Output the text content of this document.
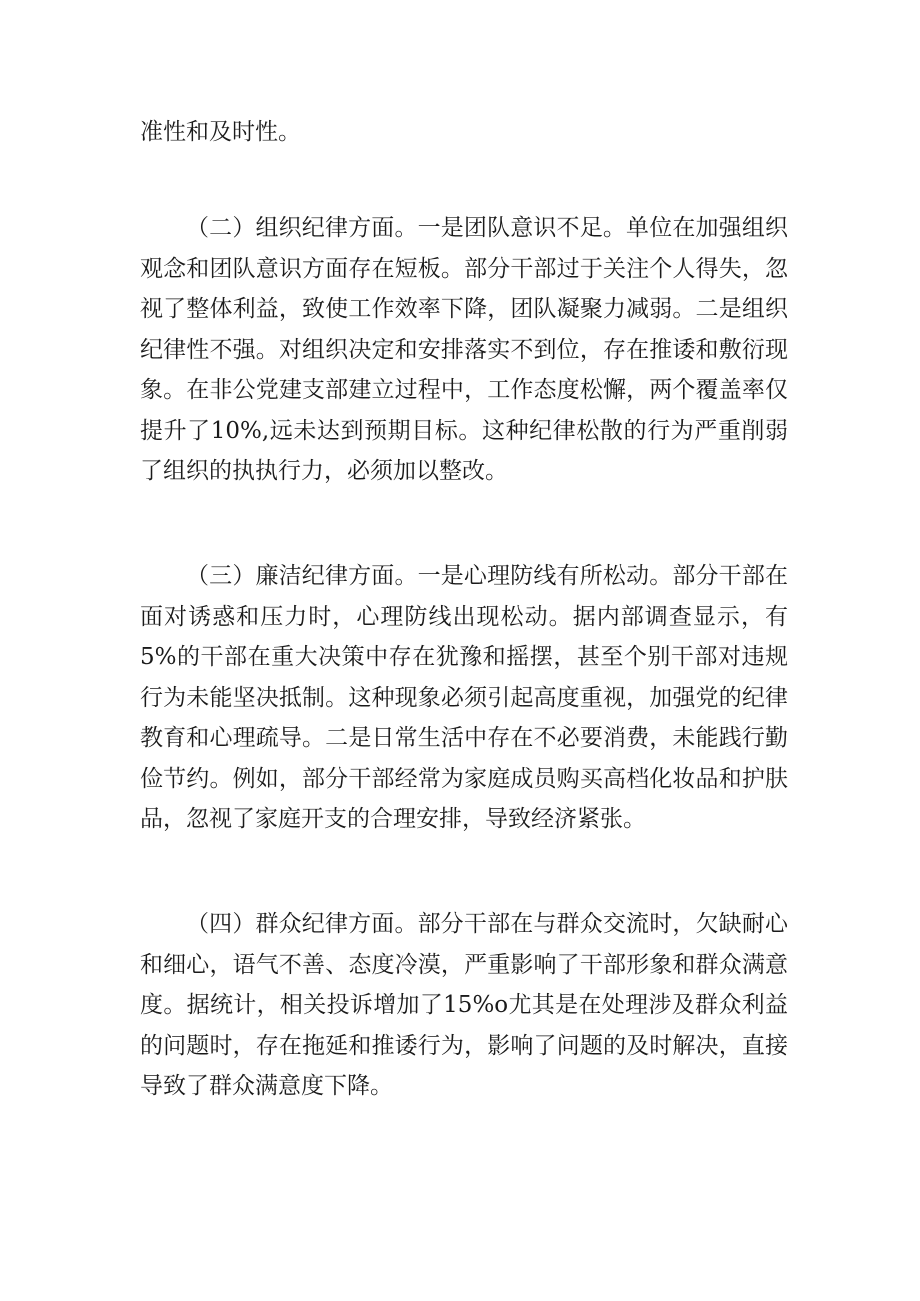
准性和及时性。

（二）组织纪律方面。一是团队意识不足。单位在加强组织观念和团队意识方面存在短板。部分干部过于关注个人得失，忽视了整体利益，致使工作效率下降，团队凝聚力减弱。二是组织纪律性不强。对组织决定和安排落实不到位，存在推诿和敷衍现象。在非公党建支部建立过程中，工作态度松懈，两个覆盖率仅提升了10%,远未达到预期目标。这种纪律松散的行为严重削弱了组织的执执行力，必须加以整改。

（三）廉洁纪律方面。一是心理防线有所松动。部分干部在面对诱惑和压力时，心理防线出现松动。据内部调查显示，有5%的干部在重大决策中存在犹豫和摇摆，甚至个别干部对违规行为未能坚决抵制。这种现象必须引起高度重视，加强党的纪律教育和心理疏导。二是日常生活中存在不必要消费，未能践行勤俭节约。例如，部分干部经常为家庭成员购买高档化妆品和护肤品，忽视了家庭开支的合理安排，导致经济紧张。

（四）群众纪律方面。部分干部在与群众交流时，欠缺耐心和细心，语气不善、态度冷漠，严重影响了干部形象和群众满意度。据统计，相关投诉增加了15%o尤其是在处理涉及群众利益的问题时，存在拖延和推诿行为，影响了问题的及时解决，直接导致了群众满意度下降。
